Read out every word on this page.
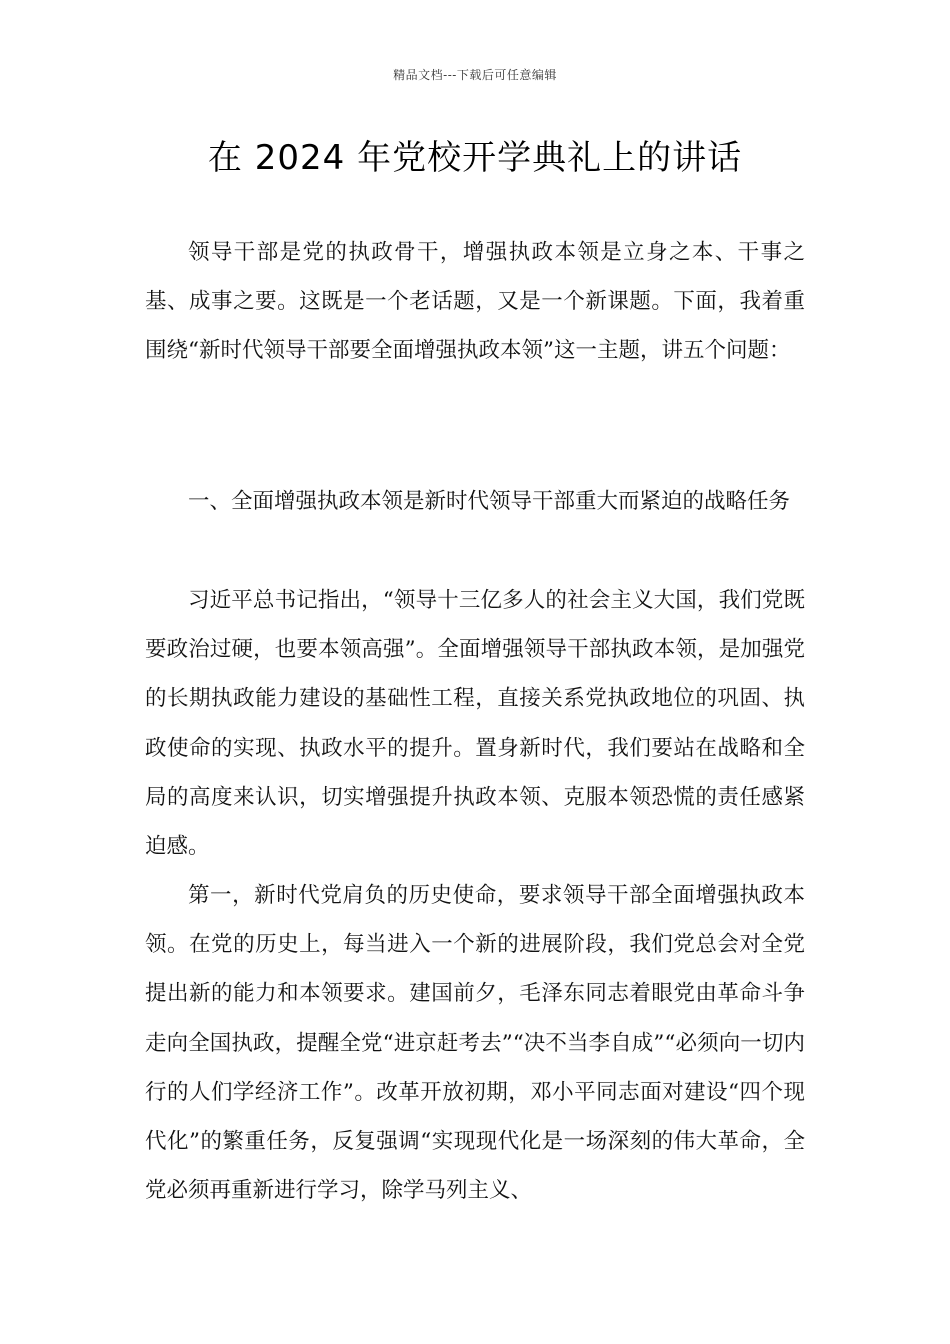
精品文档---下载后可任意编辑
在 2024 年党校开学典礼上的讲话

领导干部是党的执政骨干，增强执政本领是立身之本、干事之基、成事之要。这既是一个老话题，又是一个新课题。下面，我着重围绕“新时代领导干部要全面增强执政本领”这一主题，讲五个问题：

一、全面增强执政本领是新时代领导干部重大而紧迫的战略任务

习近平总书记指出，“领导十三亿多人的社会主义大国，我们党既要政治过硬，也要本领高强”。全面增强领导干部执政本领，是加强党的长期执政能力建设的基础性工程，直接关系党执政地位的巩固、执政使命的实现、执政水平的提升。置身新时代，我们要站在战略和全局的高度来认识，切实增强提升执政本领、克服本领恐慌的责任感紧迫感。

第一，新时代党肩负的历史使命，要求领导干部全面增强执政本领。在党的历史上，每当进入一个新的进展阶段，我们党总会对全党提出新的能力和本领要求。建国前夕，毛泽东同志着眼党由革命斗争走向全国执政，提醒全党“进京赶考去”“决不当李自成”“必须向一切内行的人们学经济工作”。改革开放初期，邓小平同志面对建设“四个现代化”的繁重任务，反复强调“实现现代化是一场深刻的伟大革命，全党必须再重新进行学习，除学马列主义、
